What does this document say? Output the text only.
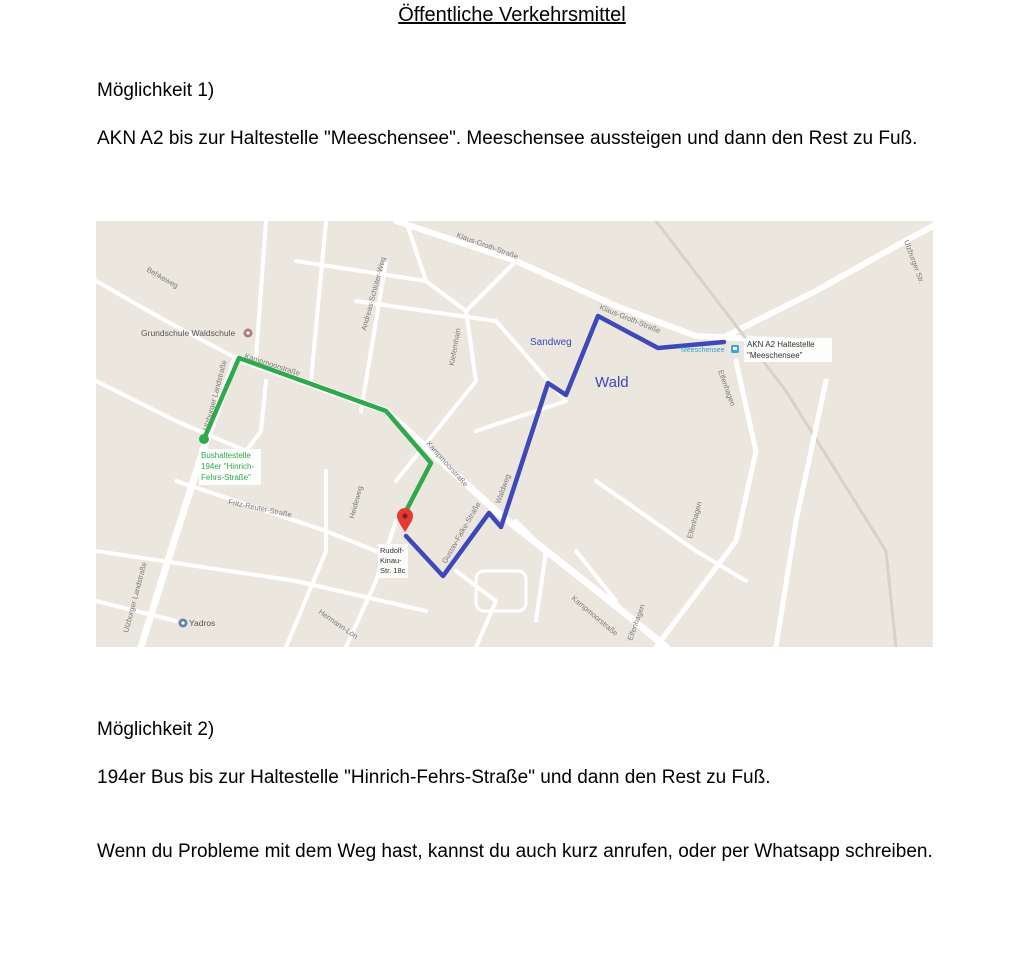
Öffentliche Verkehrsmittel

Möglichkeit 1)

AKN A2 bis zur Haltestelle "Meeschensee". Meeschensee aussteigen und dann den Rest zu Fuß.

Klaus-Groth-Straße
Klaus-Groth-Straße
Behkeweg	Andreas-Schlüter-Weg
Kiefernhain
Kampmoorstraße
Kampmoorstraße
Kampmoorstraße
Ulzburger Landstraße
Ulzburger Landstraße
Fritz-Reuter-Straße	Heideweg	Gustav-Falke-Straße
Waldweg
Elfenhagen
Elfenhagen
Elfenhagen
Hermann-Lön
Ulzburger Str.
Grundschule Waldschule
Yadros
Bushaltestelle
194er "Hinrich-
Fehrs-Straße"
Rudolf-
Kinau-
Str. 18c
Meeschensee
AKN A2 Haltestelle
"Meeschensee"
Sandweg
Wald

Möglichkeit 2)

194er Bus bis zur Haltestelle "Hinrich-Fehrs-Straße" und dann den Rest zu Fuß.

Wenn du Probleme mit dem Weg hast, kannst du auch kurz anrufen, oder per Whatsapp schreiben.
